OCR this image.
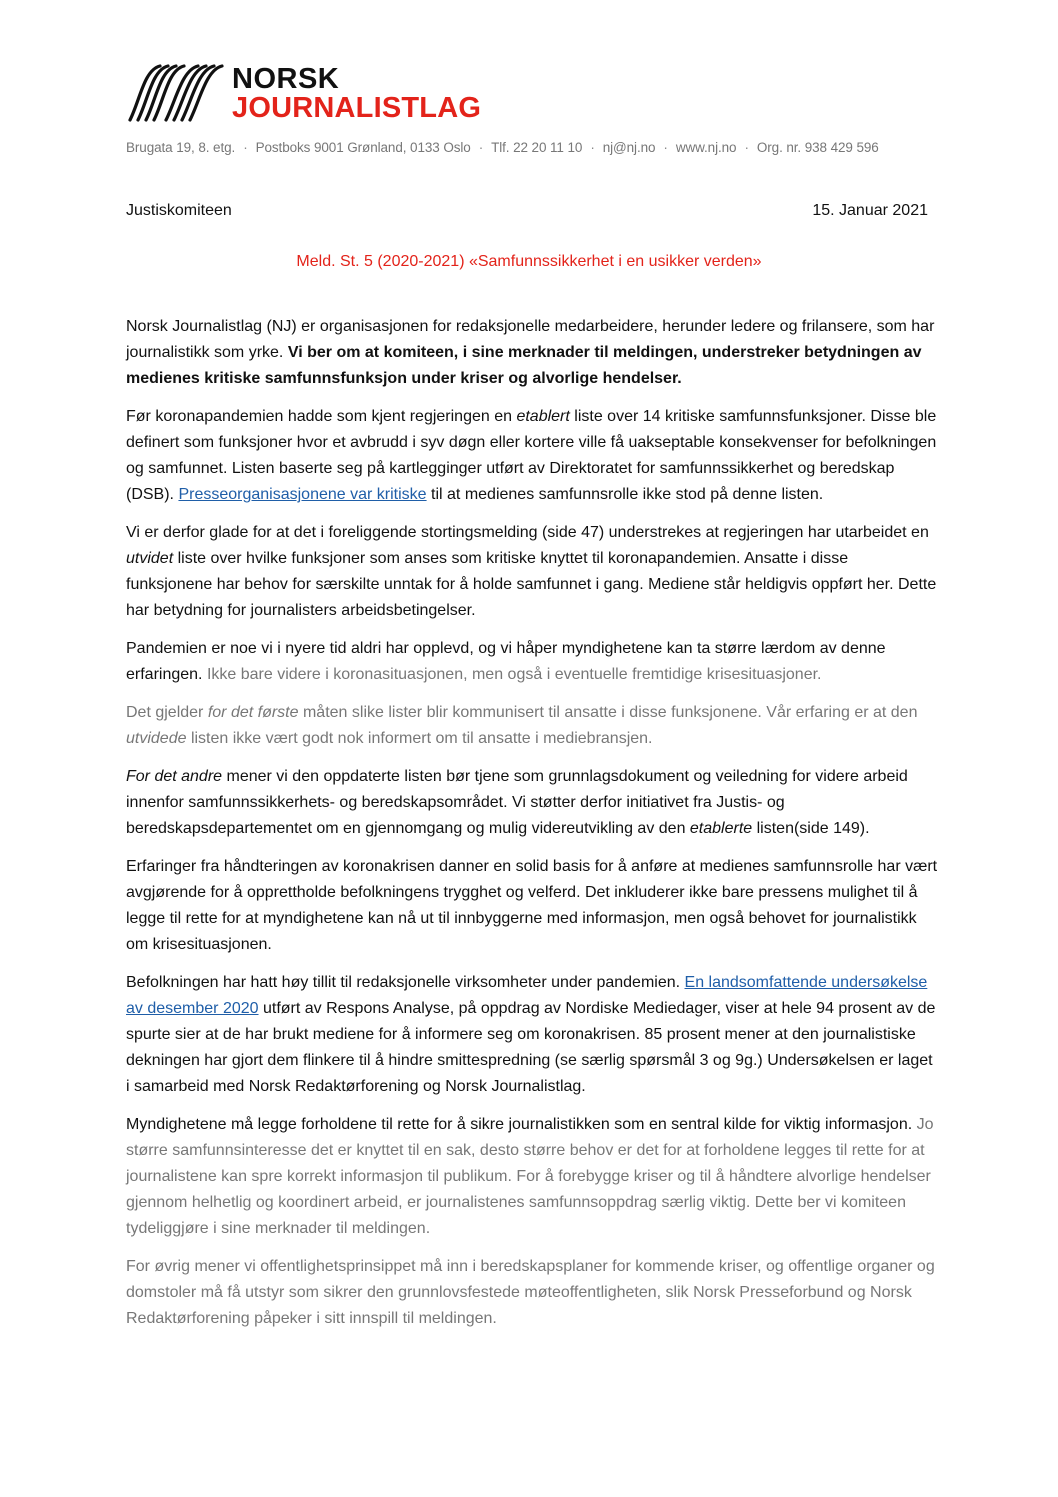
NORSK
JOURNALISTLAG
Brugata 19, 8. etg. · Postboks 9001 Grønland, 0133 Oslo · Tlf. 22 20 11 10 · nj@nj.no · www.nj.no · Org. nr. 938 429 596
Justiskomiteen	15. Januar 2021
Meld. St. 5 (2020-2021) «Samfunnssikkerhet i en usikker verden»

Norsk Journalistlag (NJ) er organisasjonen for redaksjonelle medarbeidere, herunder ledere og frilansere, som har journalistikk som yrke. Vi ber om at komiteen, i sine merknader til meldingen, understreker betydningen av medienes kritiske samfunnsfunksjon under kriser og alvorlige hendelser.

Før koronapandemien hadde som kjent regjeringen en etablert liste over 14 kritiske samfunnsfunksjoner. Disse ble definert som funksjoner hvor et avbrudd i syv døgn eller kortere ville få uakseptable konsekvenser for befolkningen og samfunnet. Listen baserte seg på kartlegginger utført av Direktoratet for samfunnssikkerhet og beredskap (DSB). Presseorganisasjonene var kritiske til at medienes samfunnsrolle ikke stod på denne listen.

Vi er derfor glade for at det i foreliggende stortingsmelding (side 47) understrekes at regjeringen har utarbeidet en utvidet liste over hvilke funksjoner som anses som kritiske knyttet til koronapandemien. Ansatte i disse funksjonene har behov for særskilte unntak for å holde samfunnet i gang. Mediene står heldigvis oppført her. Dette har betydning for journalisters arbeidsbetingelser.

Pandemien er noe vi i nyere tid aldri har opplevd, og vi håper myndighetene kan ta større lærdom av denne erfaringen. Ikke bare videre i koronasituasjonen, men også i eventuelle fremtidige krisesituasjoner.

Det gjelder for det første måten slike lister blir kommunisert til ansatte i disse funksjonene. Vår erfaring er at den utvidede listen ikke vært godt nok informert om til ansatte i mediebransjen.

For det andre mener vi den oppdaterte listen bør tjene som grunnlagsdokument og veiledning for videre arbeid innenfor samfunnssikkerhets- og beredskapsområdet. Vi støtter derfor initiativet fra Justis- og beredskapsdepartementet om en gjennomgang og mulig videreutvikling av den etablerte listen(side 149).

Erfaringer fra håndteringen av koronakrisen danner en solid basis for å anføre at medienes samfunnsrolle har vært avgjørende for å opprettholde befolkningens trygghet og velferd. Det inkluderer ikke bare pressens mulighet til å legge til rette for at myndighetene kan nå ut til innbyggerne med informasjon, men også behovet for journalistikk om krisesituasjonen.

Befolkningen har hatt høy tillit til redaksjonelle virksomheter under pandemien. En landsomfattende undersøkelse av desember 2020 utført av Respons Analyse, på oppdrag av Nordiske Mediedager, viser at hele 94 prosent av de spurte sier at de har brukt mediene for å informere seg om koronakrisen. 85 prosent mener at den journalistiske dekningen har gjort dem flinkere til å hindre smittespredning (se særlig spørsmål 3 og 9g.) Undersøkelsen er laget i samarbeid med Norsk Redaktørforening og Norsk Journalistlag.

Myndighetene må legge forholdene til rette for å sikre journalistikken som en sentral kilde for viktig informasjon. Jo større samfunnsinteresse det er knyttet til en sak, desto større behov er det for at forholdene legges til rette for at journalistene kan spre korrekt informasjon til publikum. For å forebygge kriser og til å håndtere alvorlige hendelser gjennom helhetlig og koordinert arbeid, er journalistenes samfunnsoppdrag særlig viktig. Dette ber vi komiteen tydeliggjøre i sine merknader til meldingen.

For øvrig mener vi offentlighetsprinsippet må inn i beredskapsplaner for kommende kriser, og offentlige organer og domstoler må få utstyr som sikrer den grunnlovsfestede møteoffentligheten, slik Norsk Presseforbund og Norsk Redaktørforening påpeker i sitt innspill til meldingen.
